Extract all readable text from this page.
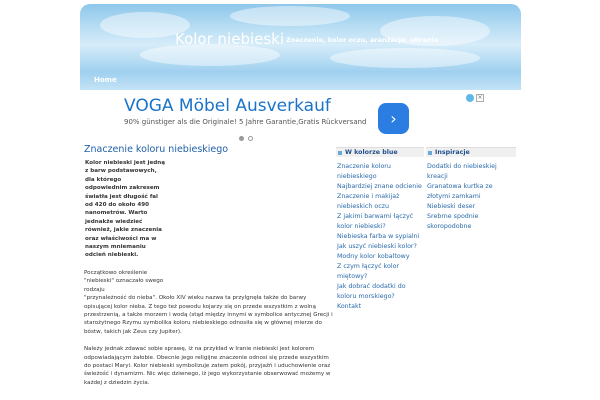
Kolor niebieski Znaczenie, kolor oczu, aranżacje, ubrania
Home
VOGA Möbel Ausverkauf
90% günstiger als die Originale! 5 Jahre Garantie,Gratis Rückversand ›
×
Znaczenie koloru niebieskiego
Kolor niebieski jest jedną z barw podstawowych, dla którego odpowiednim zakresem światła jest długość fal od 420 do około 490 nanometrów. Warto jednakże wiedzieć również, jakie znaczenia oraz właściwości ma w naszym mniemaniu odcień niebieski.
Początkowo określenie "niebieski" oznaczało swego rodzaju
"przynależność do nieba". Około XIV wieku nazwa ta przylgnęła także do barwy opisującej kolor nieba. Z tego też powodu kojarzy się on przede wszystkim z wolną przestrzenią, a także morzem i wodą (stąd między innymi w symbolice antycznej Grecji i starożytnego Rzymu symbolika koloru niebieskiego odnosiła się w głównej mierze do bóstw, takich jak Zeus czy Jupiter).
Należy jednak zdawać sobie sprawę, iż na przykład w Iranie niebieski jest kolorem odpowiadającym żałobie. Obecnie jego religijne znaczenie odnosi się przede wszystkim do postaci Maryi. Kolor niebieski symbolizuje zatem pokój, przyjaźń i uduchowienie oraz świeżość i dynamizm. Nic więc dziwnego, iż jego wykorzystanie obserwować możemy w każdej z dziedzin życia.
W kolorze blue
Znaczenie koloru niebieskiego
Najbardziej znane odcienie
Znaczenie i makijaż niebieskich oczu
Z jakimi barwami łączyć kolor niebieski?
Niebieska farba w sypialni
Jak uszyć niebieski kolor?
Modny kolor kobaltowy
Z czym łączyć kolor miętowy?
Jak dobrać dodatki do koloru morskiego?
Kontakt
Inspiracje
Dodatki do niebieskiej kreacji
Granatowa kurtka ze złotymi zamkami
Niebieski deser
Srebrne spodnie skoropodobne
